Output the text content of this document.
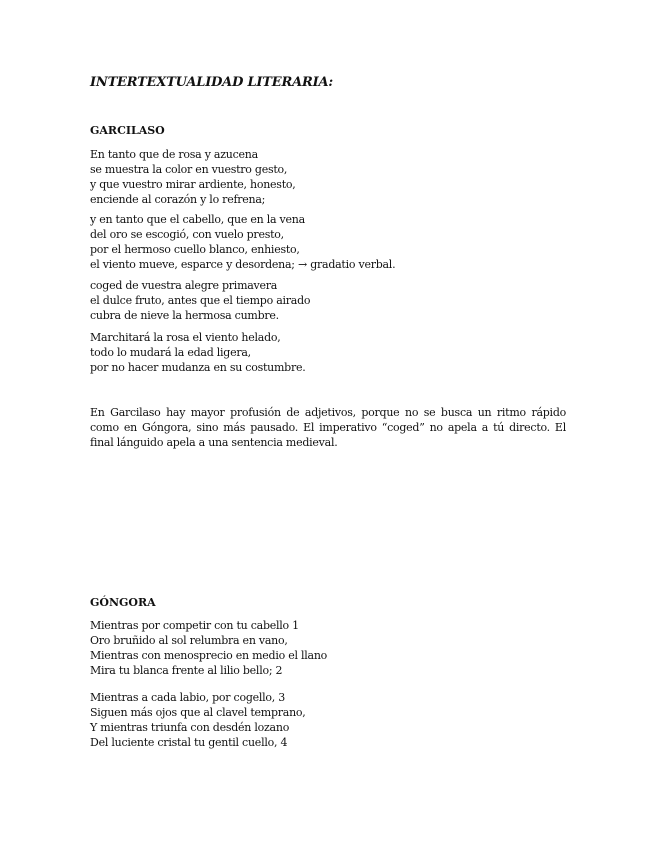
INTERTEXTUALIDAD LITERARIA:
GARCILASO

En tanto que de rosa y azucena
se muestra la color en vuestro gesto,
y que vuestro mirar ardiente, honesto,
enciende al corazón y lo refrena;

y en tanto que el cabello, que en la vena
del oro se escogió, con vuelo presto,
por el hermoso cuello blanco, enhiesto,
el viento mueve, esparce y desordena; → gradatio verbal.

coged de vuestra alegre primavera
el dulce fruto, antes que el tiempo airado
cubra de nieve la hermosa cumbre.

Marchitará la rosa el viento helado,
todo lo mudará la edad ligera,
por no hacer mudanza en su costumbre.

En Garcilaso hay mayor profusión de adjetivos, porque no se busca un ritmo rápido como en Góngora, sino más pausado. El imperativo “coged” no apela a tú directo. El final lánguido apela a una sentencia medieval.

GÓNGORA

Mientras por competir con tu cabello 1
Oro bruñido al sol relumbra en vano,
Mientras con menosprecio en medio el llano
Mira tu blanca frente al lilio bello; 2

Mientras a cada labio, por cogello, 3
Siguen más ojos que al clavel temprano,
Y mientras triunfa con desdén lozano
Del luciente cristal tu gentil cuello, 4
